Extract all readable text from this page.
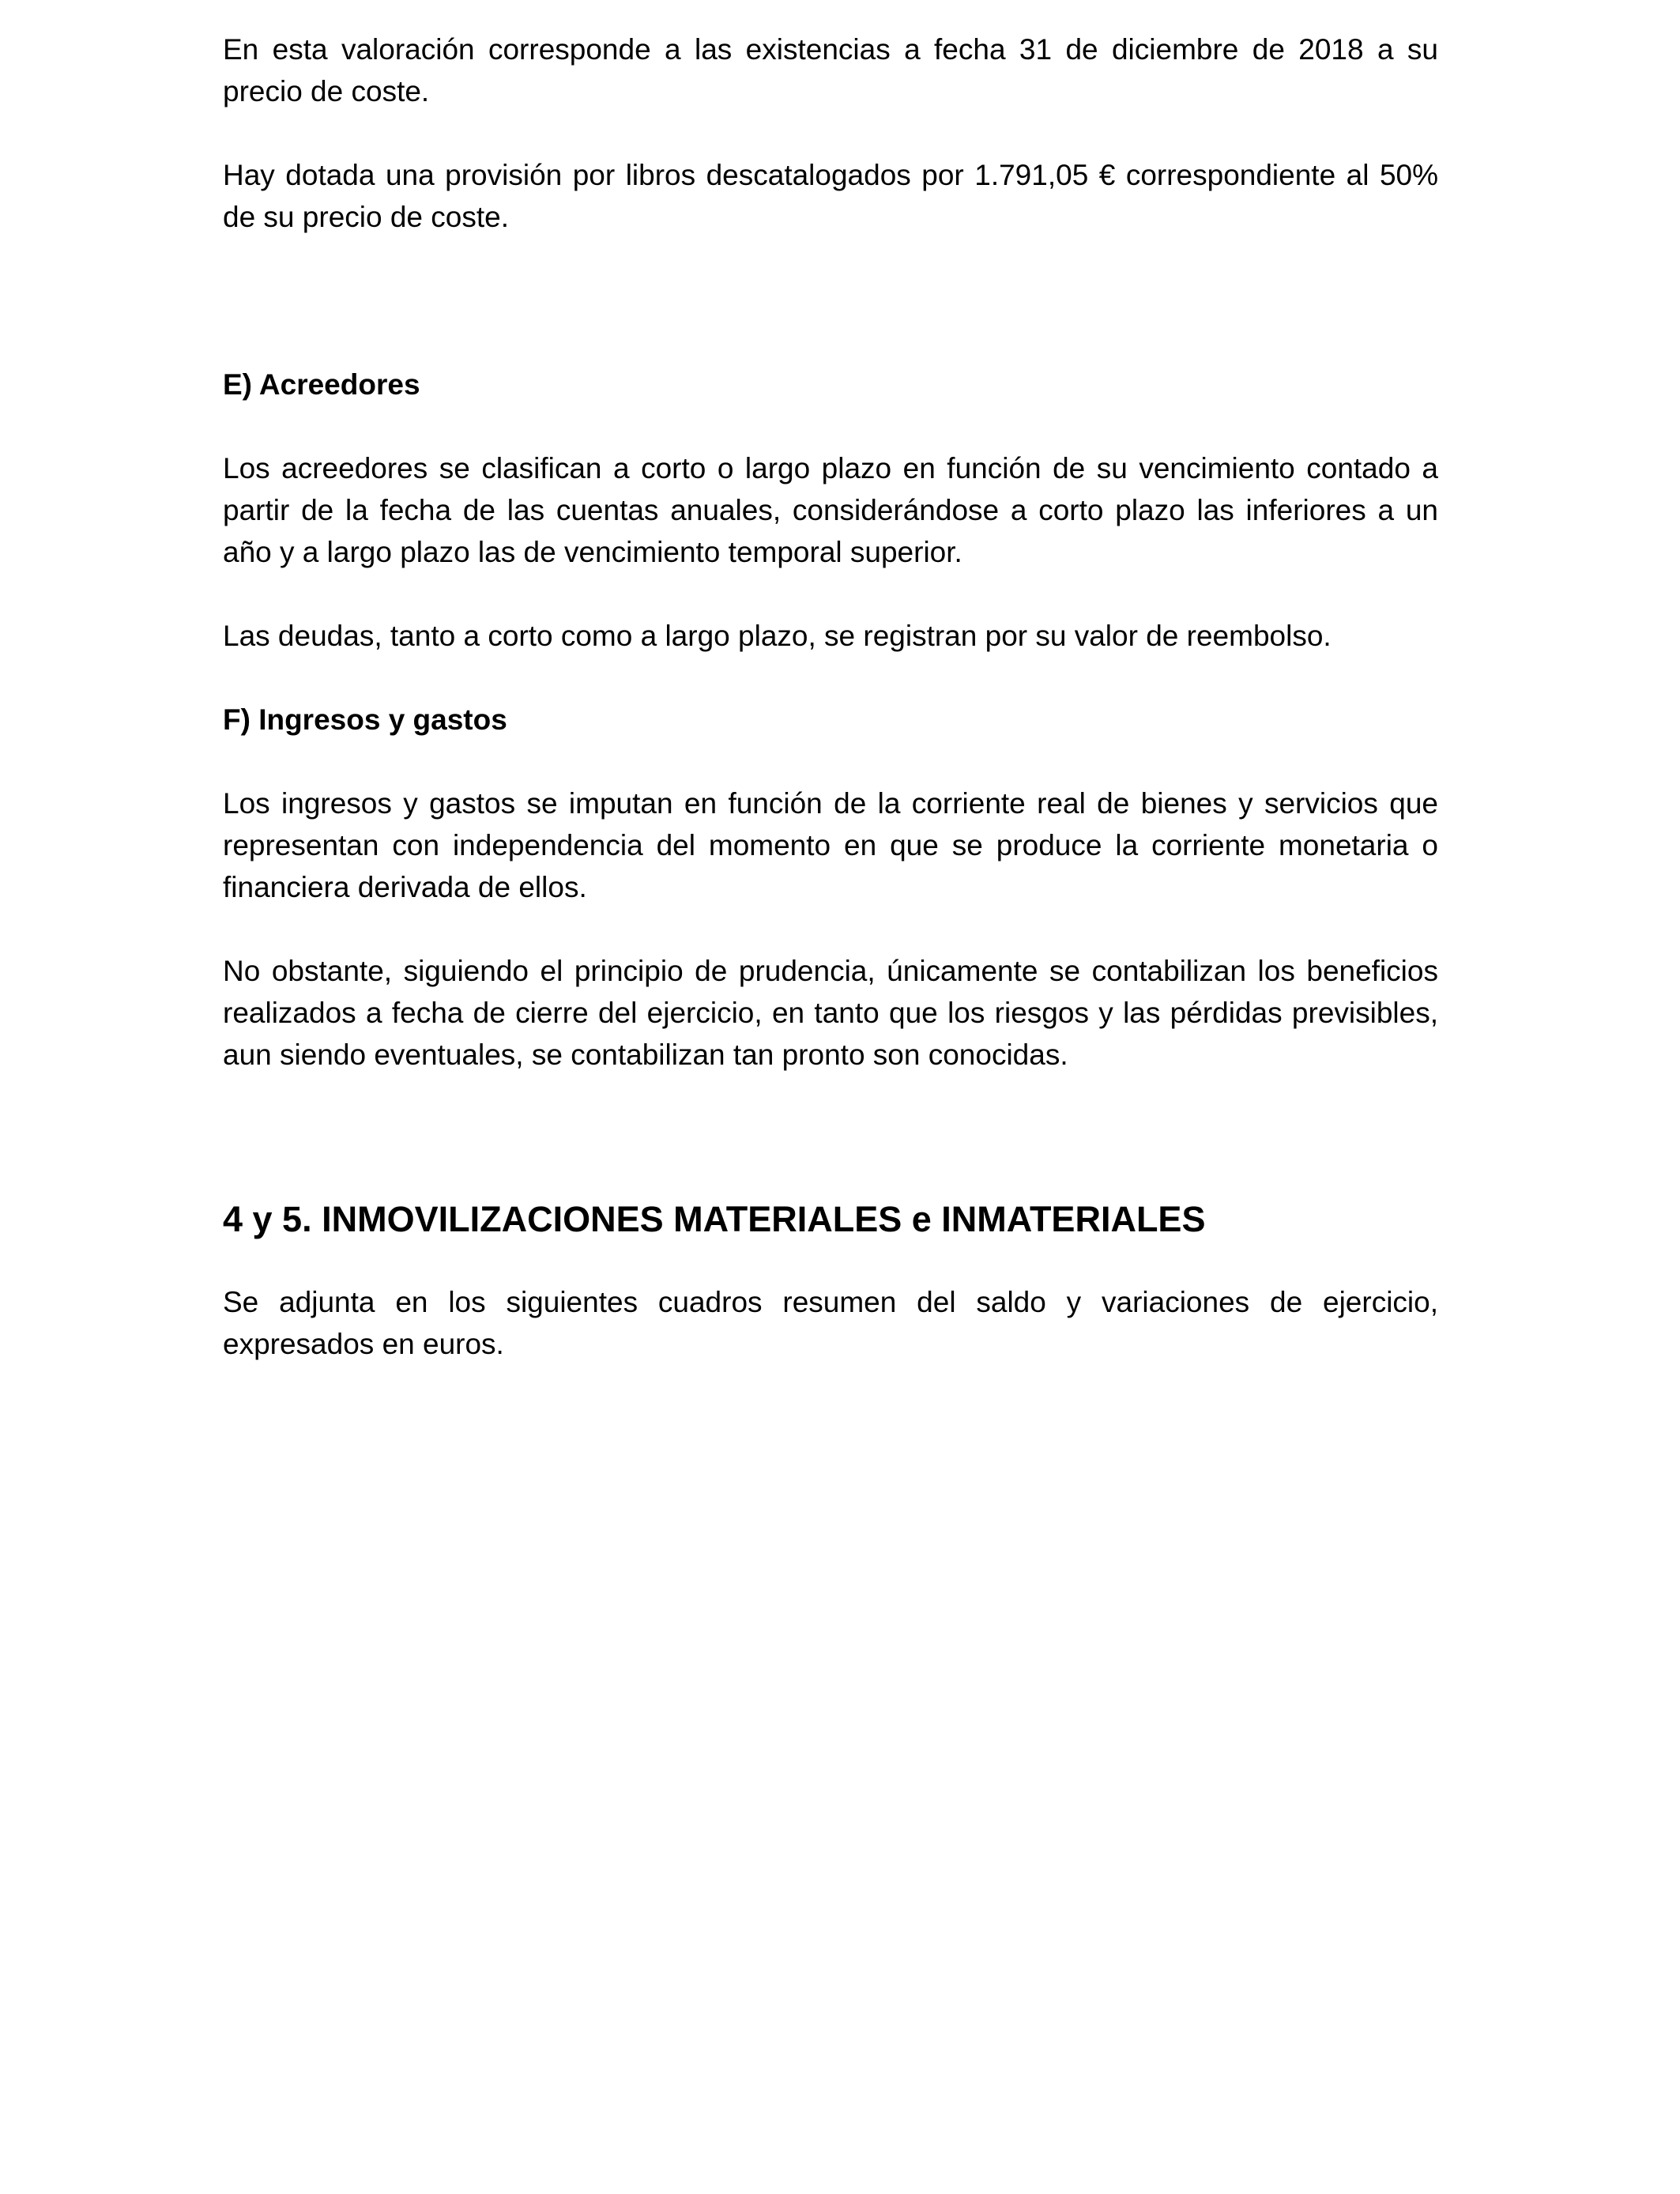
En esta valoración corresponde a las existencias a fecha 31 de diciembre de 2018 a su precio de coste.

Hay dotada una provisión por libros descatalogados por 1.791,05 € correspondiente al 50% de su precio de coste.

E) Acreedores

Los acreedores se clasifican a corto o largo plazo en función de su vencimiento contado a partir de la fecha de las cuentas anuales, considerándose a corto plazo las inferiores a un año y a largo plazo las de vencimiento temporal superior.

Las deudas, tanto a corto como a largo plazo, se registran por su valor de reembolso.

F) Ingresos y gastos

Los ingresos y gastos se imputan en función de la corriente real de bienes y servicios que representan con independencia del momento en que se produce la corriente monetaria o financiera derivada de ellos.

No obstante, siguiendo el principio de prudencia, únicamente se contabilizan los beneficios realizados a fecha de cierre del ejercicio, en tanto que los riesgos y las pérdidas previsibles, aun siendo eventuales, se contabilizan tan pronto son conocidas.

4 y 5. INMOVILIZACIONES MATERIALES e INMATERIALES

Se adjunta en los siguientes cuadros resumen del saldo y variaciones de ejercicio, expresados en euros.
